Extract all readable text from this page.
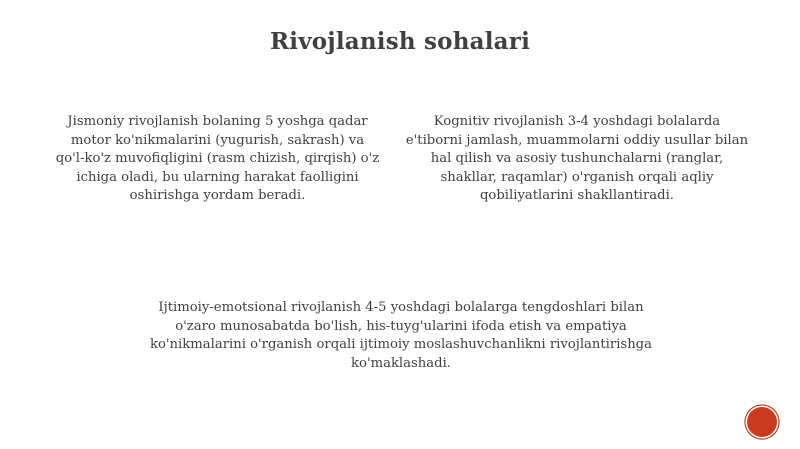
Rivojlanish sohalari
Jismoniy rivojlanish bolaning 5 yoshga qadar motor ko'nikmalarini (yugurish, sakrash) va qo'l-ko'z muvofiqligini (rasm chizish, qirqish) o'z ichiga oladi, bu ularning harakat faolligini oshirishga yordam beradi.
Kognitiv rivojlanish 3-4 yoshdagi bolalarda e'tiborni jamlash, muammolarni oddiy usullar bilan hal qilish va asosiy tushunchalarni (ranglar, shakllar, raqamlar) o'rganish orqali aqliy qobiliyatlarini shakllantiradi.
Ijtimoiy-emotsional rivojlanish 4-5 yoshdagi bolalarga tengdoshlari bilan o'zaro munosabatda bo'lish, his-tuyg'ularini ifoda etish va empatiya ko'nikmalarini o'rganish orqali ijtimoiy moslashuvchanlikni rivojlantirishga ko'maklashadi.
